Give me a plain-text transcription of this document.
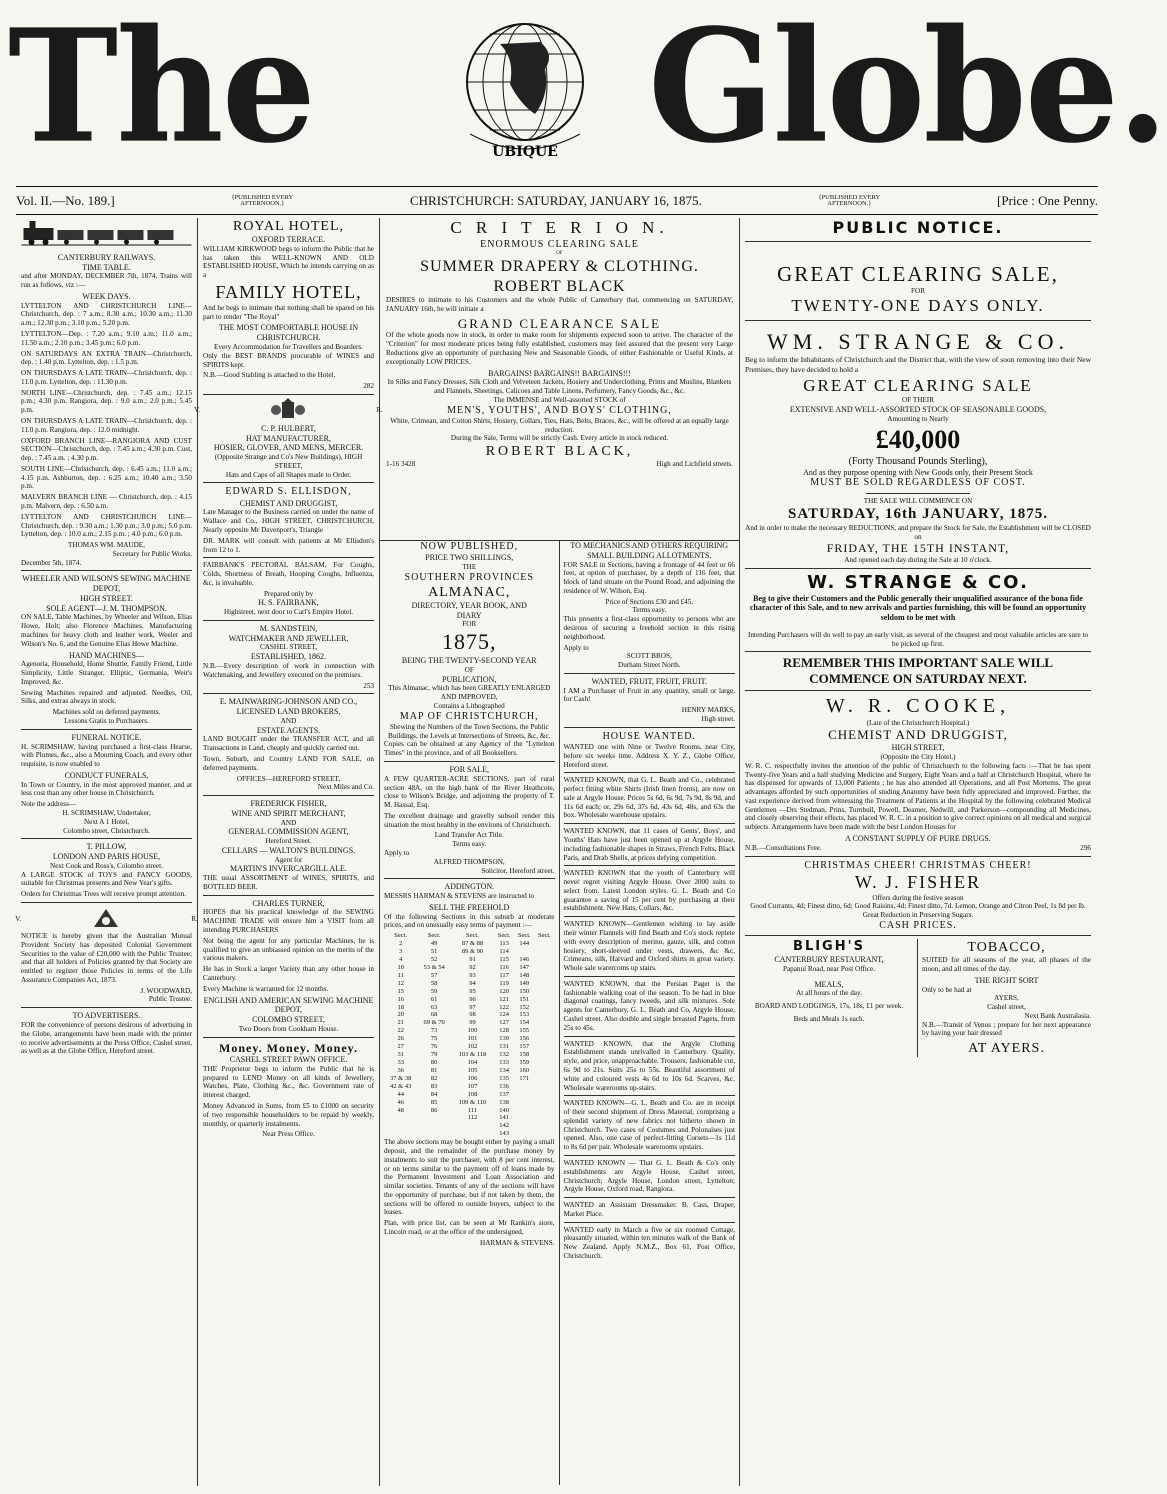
The	UBIQUE Globe.
Vol. II.—No. 189.]	{PUBLISHED EVERY AFTERNOON.}	CHRISTCHURCH: SATURDAY, JANUARY 16, 1875.	{PUBLISHED EVERY AFTERNOON.}	[Price : One Penny.
CANTERBURY RAILWAYS.
TIME TABLE.

and after MONDAY, DECEMBER 7th, 1874, Trains will run as follows, viz :—

WEEK DAYS.

LYTTELTON AND CHRISTCHURCH LINE—Christchurch, dep. : 7 a.m.; 8.30 a.m.; 10.30 a.m.; 11.30 a.m.; 12.30 p.m.; 3.10 p.m.; 5.20 p.m.

LYTTELTON—Dep. : 7.20 a.m.; 9.10 a.m.; 11.0 a.m.; 11.50 a.m.; 2.10 p.m.; 3.45 p.m.; 6.0 p.m.

ON SATURDAYS AN EXTRA TRAIN—Christchurch, dep. : 1.40 p.m. Lyttelton, dep. : 1.5 p.m.

ON THURSDAYS A LATE TRAIN—Christchurch, dep. : 11.0 p.m. Lyttelton, dep. : 11.30 p.m.

NORTH LINE—Christchurch, dep. : 7.45 a.m.; 12.15 p.m.; 4.30 p.m. Rangiora, dep. : 9.0 a.m.; 2.0 p.m.; 5.45 p.m.

ON THURSDAYS A LATE TRAIN—Christchurch, dep. : 11.0 p.m. Rangiora, dep. : 12.0 midnight.

OXFORD BRANCH LINE—RANGIORA AND CUST SECTION—Christchurch, dep. : 7.45 a.m.; 4.30 p.m. Cust, dep. : 7.45 a.m. ; 4.30 p.m.

SOUTH LINE—Christchurch, dep. : 6.45 a.m.; 11.0 a.m.; 4.15 p.m. Ashburton, dep. : 6.25 a.m.; 10.40 a.m.; 3.50 p.m.

MALVERN BRANCH LINE — Christchurch, dep. : 4.15 p.m. Malvern, dep. : 6.50 a.m.

LYTTELTON AND CHRISTCHURCH LINE—Christchurch, dep. : 9.30 a.m.; 1.30 p.m.; 3.0 p.m.; 5.0 p.m. Lyttelton, dep. : 10.0 a.m.; 2.15 p.m. ; 4.0 p.m.; 6.0 p.m.

THOMAS WM. MAUDE,
Secretary for Public Works.
December 5th, 1874.
WHEELER AND WILSON'S SEWING MACHINE DEPOT,
HIGH STREET.
SOLE AGENT—J. M. THOMPSON.

ON SALE, Table Machines, by Wheeler and Wilson, Elias Howe, Holt; also Florence Machines. Manufacturing machines for heavy cloth and leather work, Weeler and Wilson's No. 6, and the Genuine Elias Howe Machine.

HAND MACHINES—

Agenoria, Household, Home Shuttle, Family Friend, Little Simplicity, Little Stranger, Elliptic, Germania, Weir's Improved, &c.

Sewing Machines repaired and adjusted. Needles, Oil, Silks, and extras always in stock.

Machines sold on deferred payments.
Lessons Gratis to Purchasers.
FUNERAL NOTICE.

H. SCRIMSHAW, having purchased a first-class Hearse, with Plumes, &c., also a Mourning Coach, and every other requisite, is now enabled to

CONDUCT FUNERALS,

In Town or Country, in the most approved manner, and at less cost than any other house in Christchurch.

Note the address—
H. SCRIMSHAW, Undertaker,
Next A 1 Hotel,
Colombo street, Christchurch.
T. PILLOW,
LONDON AND PARIS HOUSE,
Next Cook and Ross's, Colombo street.

A LARGE STOCK of TOYS and FANCY GOODS, suitable for Christmas presents and New Year's gifts.

Orders for Christmas Trees will receive prompt attention.

V.	R.

NOTICE is hereby given that the Australian Mutual Provident Society has deposited Colonial Government Securities to the value of £20,000 with the Public Trustee; and that all holders of Policies granted by that Society are entitled to register those Policies in terms of the Life Assurance Companies Act, 1873.

J. WOODWARD,
Public Trustee.
TO ADVERTISERS.

FOR the convenience of persons desirous of advertising in the Globe, arrangements have been made with the printer to receive advertisements at the Press Office, Cashel street, as well as at the Globe Office, Hereford street.

ROYAL HOTEL,
OXFORD TERRACE.

WILLIAM KIRKWOOD begs to inform the Public that he has taken this WELL-KNOWN AND OLD ESTABLISHED HOUSE, Which he intends carrying on as a

FAMILY HOTEL,

And he begs to intimate that nothing shall be spared on his part to render "The Royal"

THE MOST COMFORTABLE HOUSE IN CHRISTCHURCH.
Every Accommodation for Travellers and Boarders.

Only the BEST BRANDS procurable of WINES and SPIRITS kept.

N.B.—Good Stabling is attached to the Hotel.

282
V.	R.
C. P. HULBERT,
HAT MANUFACTURER,
HOSIER, GLOVER, AND MENS, MERCER.
(Opposite Strange and Co's New Buildings), HIGH STREET,
Hats and Caps of all Shapes made to Order.
EDWARD S. ELLISDON,
CHEMIST AND DRUGGIST,

Late Manager to the Business carried on under the name of Wallace and Co., HIGH STREET, CHRISTCHURCH, Nearly opposite Mr Davenport's, Triangle

DR. MARK will consult with patients at Mr Ellisdon's from 12 to 1.

FAIRBANK'S PECTORAL BALSAM, For Coughs, Colds, Shortness of Breath, Hooping Coughs, Influenza, &c, is invaluable.

Prepared only by
H. S. FAIRBANK,
Highstreet, next door to Carl's Empire Hotel.
M. SANDSTEIN,
WATCHMAKER AND JEWELLER,
CASHEL STREET,
ESTABLISHED, 1862.

N.B.—Every description of work in connection with Watchmaking, and Jewellery executed on the premises.

253
E. MAINWARING-JOHNSON AND CO., LICENSED LAND BROKERS,
AND
ESTATE AGENTS.

LAND BOUGHT under the TRANSFER ACT, and all Transactions in Land, cheaply and quickly carried out.

Town, Suburb, and Country LAND FOR SALE, on deferred payments.

OFFICES—HEREFORD STREET,
Next Miles and Co.
FREDERICK FISHER,
WINE AND SPIRIT MERCHANT,
AND
GENERAL COMMISSION AGENT,
Hereford Street.
CELLARS — WALTON'S BUILDINGS.
Agent for
MARTIN'S INVERCARGILL ALE.

THE usual ASSORTMENT of WINES, SPIRITS, and BOTTLED BEER.

CHARLES TURNER,

HOPES that his practical knowledge of the SEWING MACHINE TRADE will ensure him a VISIT from all intending PURCHASERS

Not being the agent for any particular Machines, he is qualified to give an unbiassed opinion on the merits of the various makers.

He has in Stock a larger Variety than any other house in Canterbury.

Every Machine is warranted for 12 months.

ENGLISH AND AMERICAN SEWING MACHINE DEPOT,
COLOMBO STREET,
Two Doors from Cookham House.
Money. Money. Money.
CASHEL STREET PAWN OFFICE.

THE Proprietor begs to inform the Public that he is prepared to LEND Money on all kinds of Jewellery, Watches, Plate, Clothing &c., &c. Government rate of interest charged.

Money Advanced in Sums, from £5 to £1000 on security of two responsible householders to be repaid by weekly, monthly, or quarterly instalments.

Near Press Office.
C R I T E R I O N.
ENORMOUS CLEARING SALE
OF
SUMMER DRAPERY & CLOTHING.
ROBERT BLACK

DESIRES to intimate to his Customers and the whole Public of Canterbury that, commencing on SATURDAY, JANUARY 16th, he will initiate a

GRAND CLEARANCE SALE

Of the whole goods now in stock, in order to make room for shipments expected soon to arrive. The character of the "Criterion" for most moderate prices being fully established, customers may feel assured that the present very Large Reductions give an opportunity of purchasing New and Seasonable Goods, of either Fashionable or Useful Kinds, at exceptionally LOW PRICES.

BARGAINS! BARGAINS!! BARGAINS!!!
In Silks and Fancy Dresses, Silk Cloth and Velveteen Jackets, Hosiery and Underclothing, Prints and Muslins, Blankets and Flannels, Sheetings, Calicoes and Table Linens, Perfumery, Fancy Goods, &c., &c.
The IMMENSE and Well-assorted STOCK of
MEN'S, YOUTHS', AND BOYS' CLOTHING,
White, Crimean, and Cotton Shirts, Hosiery, Collars, Ties, Hats, Belts, Braces, &c., will be offered at an equally large reduction.
During the Sale, Terms will be strictly Cash. Every article in stock reduced.
ROBERT BLACK,
1-16 3428	High and Lichfield streets.
NOW PUBLISHED,
PRICE TWO SHILLINGS,
THE
SOUTHERN PROVINCES
ALMANAC,
DIRECTORY, YEAR BOOK, AND
DIARY
FOR
1875,
BEING THE TWENTY-SECOND YEAR
OF
PUBLICATION,
This Almanac, which has been GREATLY ENLARGED AND IMPROVED,
Contains a Lithographed
MAP OF CHRISTCHURCH,
Shewing the Numbers of the Town Sections, the Public Buildings, the Levels at Intersections of Streets, &c, &c.

Copies can be obtained at any Agency of the "Lyttelton Times" in the province, and of all Booksellers.

FOR SALE,

A FEW QUARTER-ACRE SECTIONS, part of rural section 48A, on the high bank of the River Heathcote, close to Wilson's Bridge, and adjoining the property of T. M. Hassal, Esq.

The excellent drainage and gravelly subsoil render this situation the most healthy in the environs of Christchurch.

Land Transfer Act Title.
Terms easy.
Apply to
ALFRED THOMPSON,
Solicitor, Hereford street.
ADDINGTON.

MESSRS HARMAN & STEVENS are instructed to

SELL THE FREEHOLD

Of the following Sections in this suburb at moderate prices, and on unusually easy terms of payment :—

Sect.	Sect.	Sect.	Sect.	Sect.	Sect.
2	49	87 & 88	113	144	
3	51	89 & 90	114		
4	52	91	115	146	
10	53 & 54	92	116	147	
11	57	93	117	148	
12	58	94	119	149	
15	59	95	120	150	
16	61	96	121	151	
18	63	97	122	152	
20	68	98	124	153	
21	69 & 70	99	127	154	
22	73	100	128	155	
26	75	101	130	156	
27	76	102	131	157	
31	79	103 & 118	132	158	
33	80	104	133	159	
36	81	105	134	160	
37 & 38	82	106	135	171	
42 & 43	83	107	136		
44	84	108	137		
46	85	109 & 110	138		
48	86	111	140		
		112	141		
			142		
			143		

The above sections may be bought either by paying a small deposit, and the remainder of the purchase money by instalments to suit the purchaser, with 8 per cent interest, or on terms similar to the payment off of loans made by the Permanent Investment and Loan Association and similar societies. Tenants of any of the sections will have the opportunity of purchase, but if not taken by them, the sections will be offered to outside buyers, subject to the leases.

Plan, with price list, can be seen at Mr Rankin's store, Lincoln road, or at the office of the undersigned,

HARMAN & STEVENS.
TO MECHANICS AND OTHERS REQUIRING SMALL BUILDING ALLOTMENTS.

FOR SALE in Sections, having a frontage of 44 feet or 66 feet, at option of purchaser, by a depth of 116 feet, that block of land situate on the Pound Road, and adjoining the residence of W. Wilson, Esq.

Price of Sections £30 and £45.
Terms easy.

This presents a first-class opportunity to persons who are desirous of securing a freehold section in this rising neighborhood.

Apply to
SCOTT BROS,
Durham Street North.
WANTED, FRUIT, FRUIT, FRUIT.

I AM a Purchaser of Fruit in any quantity, small or large, for Cash!

HENRY MARKS,
High street.
HOUSE WANTED.

WANTED one with Nine or Twelve Rooms, near City, before six weeks time. Address X. Y. Z., Globe Office, Hereford street.

WANTED KNOWN, that G. L. Beath and Co., celebrated perfect fitting white Shirts (Irish linen fronts), are now on sale at Argyle House. Prices 5s 6d, 6s 9d, 7s 9d, 8s 9d, and 11s 6d each; or, 29s 6d, 37s 6d, 43s 6d, 48s, and 63s the box. Wholesale warehouse upstairs.

WANTED KNOWN, that 11 cases of Gents', Boys', and Youths' Hats have just been opened up at Argyle House, including fashionable shapes in Straws, French Felts, Black Paris, and Drab Shells, at prices defying competition.

WANTED KNOWN that the youth of Canterbury will never regret visiting Argyle House. Over 2000 suits to select from. Latest London styles. G. L. Beath and Co guarantee a saving of 15 per cent by purchasing at their establishment. New Hats, Collars, &c.

WANTED KNOWN—Gentlemen wishing to lay aside their winter Flannels will find Beath and Co's stock replete with every description of merino, gauze, silk, and cotton hosiery, short-sleeved under vests, drawers, &c &c, Crimeans, silk, Harvard and Oxford shirts in great variety. Whole sale warercoms up stairs.

WANTED KNOWN, that the Persian Paget is the fashionable walking coat of the season. To be had in blue diagonal coatings, fancy tweeds, and silk mixtures. Sole agents for Canterbury, G. L. Beath and Co, Argyle House, Cashel street. Also double and single breasted Pagets, from 25s to 45s.

WANTED KNOWN, that the Argyle Clothing Establishment stands unrivalled in Canterbury. Quality, style, and price, unapproachable. Trousers, fashionable cut, 6s 9d to 21s. Suits 25s to 55s. Beautiful assortment of white and coloured vests 4s 6d to 10s 6d. Scarves, &c. Wholesale warerooms up-stairs.

WANTED KNOWN—G. L. Beath and Co. are in receipt of their second shipment of Dress Material, comprising a splendid variety of new fabrics not hitherto shown in Christchurch. Two cases of Costumes and Polonaises just opened. Also, one case of perfect-fitting Corsets—1s 11d to 8s 6d per pair. Wholesale warerooms upstairs.

WANTED KNOWN — That G. L. Beath & Co's only establishments are Argyle House, Cashel street, Christchurch; Argyle House, London street, Lyttelton; Argyle House, Oxford road, Rangiora.

WANTED an Assistant Dressmaker. B. Cass, Draper, Market Place.

WANTED early in March a five or six roomed Cottage, pleasantly situated, within ten minutes walk of the Bank of New Zealand. Apply N.M.Z., Box 61, Post Office, Christchurch.

PUBLIC NOTICE.
GREAT CLEARING SALE,
FOR
TWENTY-ONE DAYS ONLY.
WM. STRANGE & CO.

Beg to inform the Inhabitants of Christchurch and the District that, with the view of soon removing into their New Premises, they have decided to hold a

GREAT CLEARING SALE
OF THEIR
EXTENSIVE AND WELL-ASSORTED STOCK OF SEASONABLE GOODS,
Amounting to Nearly
£40,000
(Forty Thousand Pounds Sterling),
And as they purpose opening with New Goods only, their Present Stock
MUST BE SOLD REGARDLESS OF COST.
THE SALE WILL COMMENCE ON
SATURDAY, 16th JANUARY, 1875.
And in order to make the necessary REDUCTIONS, and prepare the Stock for Sale, the Establishment will be CLOSED on
FRIDAY, THE 15TH INSTANT,
And opened each day during the Sale at 10 o'clock.
W. STRANGE & CO.
Beg to give their Customers and the Public generally their unqualified assurance of the bona fide character of this Sale, and to new arrivals and parties furnishing, this will be found an opportunity seldom to be met with
Intending Purchasers will do well to pay an early visit, as several of the cheapest and most valuable articles are sure to be picked up first.
REMEMBER THIS IMPORTANT SALE WILL COMMENCE ON SATURDAY NEXT.
W. R. COOKE,
(Late of the Christchurch Hospital.)
CHEMIST AND DRUGGIST,
HIGH STREET,
(Opposite the City Hotel.)

W. R. C. respectfully invites the attention of the public of Christchurch to the following facts :—That he has spent Twenty-five Years and a half studying Medicine and Surgery, Eight Years and a half at Christchurch Hospital, where he has dispensed for upwards of 13,000 Patients ; he has also attended all Operations, and all Post Mortems. The great advantages afforded by such opportunities of studing Anatomy have been fully appreciated and improved. Further, the vast experience derived from witnessing the Treatment of Patients at the Hospital by the following celebrated Medical Gentlemen —Drs Stedman, Prins, Turnbull, Powell, Deamer, Nedwill, and Parkerson—compounding all Medicines, and closely observing their effects, has placed W. R. C. in a position to give correct opinions on all medical and surgical subjects. Arrangements have been made with the best London Houses for

A CONSTANT SUPPLY OF PURE DRUGS.
N.B.—Consultations Free.	296
CHRISTMAS CHEER! CHRISTMAS CHEER!
W. J. FISHER
Offers during the festive season
Good Currants, 4d; Finest ditto, 6d; Good Raisins, 4d; Finest ditto, 7d. Lemon, Orange and Citron Peel, 1s 8d per lb. Great Reduction in Preserving Sugars.
CASH PRICES.
BLIGH'S
CANTERBURY RESTAURANT,
Papanui Road, near Post Office.
MEALS,
At all hours of the day.
BOARD AND LODGINGS, 17s, 18s, £1 per week.
Beds and Meals 1s each.
TOBACCO,

SUITED for all seasons of the year, all phases of the moon, and all times of the day.

THE RIGHT SORT
Only to be had at
AYERS,
Cashel street,
Next Bank Australasia.

N.B.—Transit of Venus ; prepare for her next appearance by having your hair dressed

AT AYERS.
